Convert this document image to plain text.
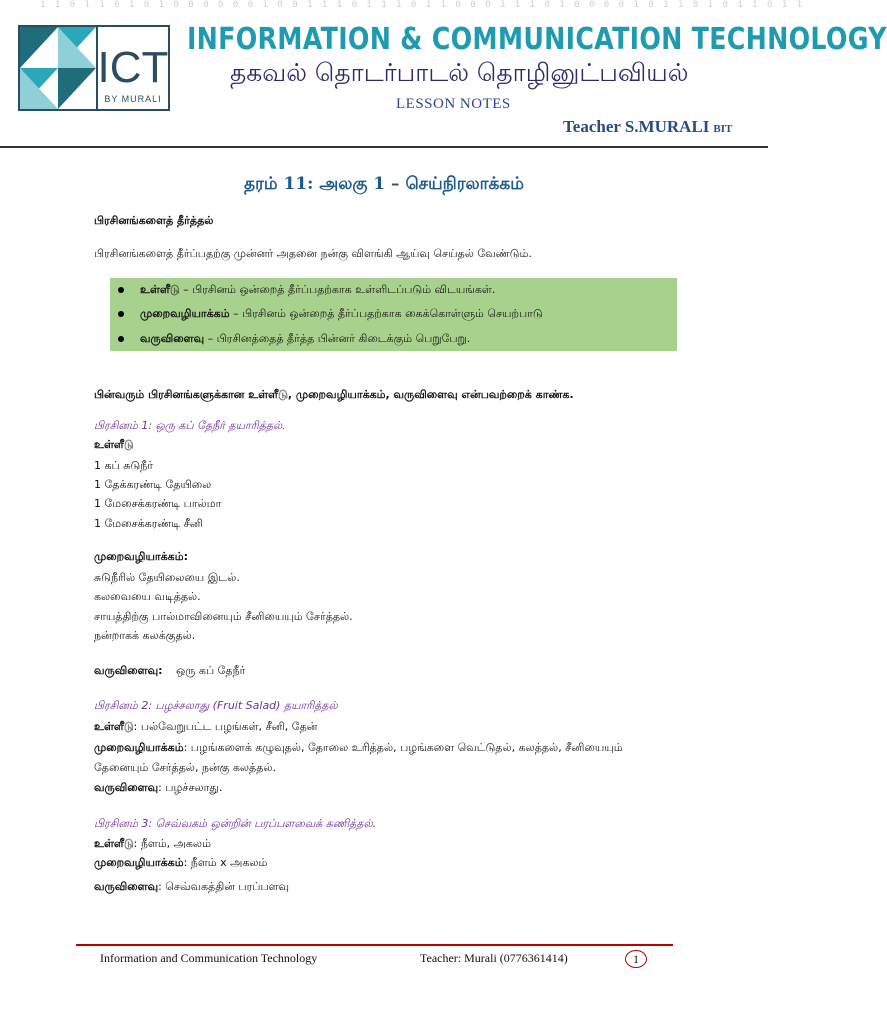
1 1 0 1 1 0 1 0 1 0 0 0 0 0 0 1 0 0 1 1 1 0 1 1 1 0 1 1 0 0 0 1 1 1 0 1 0 0 0 0 1 0 1 1 0 1 0 1 1 0 1 1
ICT
BY MURALI
INFORMATION & COMMUNICATION TECHNOLOGY
தகவல் தொடர்பாடல் தொழினுட்பவியல்
LESSON NOTES
Teacher S.MURALI BIT
தரம் 11: அலகு 1 – செய்நிரலாக்கம்
பிரசினங்களைத் தீர்த்தல்
பிரசினங்களைத் தீர்ப்பதற்கு முன்னர் அதனை நன்கு விளங்கி ஆய்வு செய்தல் வேண்டும்.
உள்ளீடு – பிரசினம் ஒன்றைத் தீர்ப்பதற்காக உள்ளிடப்படும் விடயங்கள்.
முறைவழியாக்கம் – பிரசினம் ஒன்றைத் தீர்ப்பதற்காக கைக்கொள்ளும் செயற்பாடு
வருவிளைவு – பிரசினத்தைத் தீர்த்த பின்னர் கிடைக்கும் பெறுபேறு.
பின்வரும் பிரசினங்களுக்கான உள்ளீடு, முறைவழியாக்கம், வருவிளைவு என்பவற்றைக் காண்க.
பிரசினம் 1: ஒரு கப் தேநீர் தயாரித்தல்.
உள்ளீடு
1 கப் சுடுநீர்
1 தேக்கரண்டி தேயிலை
1 மேசைக்கரண்டி பால்மா
1 மேசைக்கரண்டி சீனி
முறைவழியாக்கம்:
சுடுநீரில் தேயிலையை இடல்.
கலவையை வடித்தல்.
சாயத்திற்கு பால்மாவினையும் சீனியையும் சேர்த்தல்.
நன்றாகக் கலக்குதல்.
வருவிளைவு: ஒரு கப் தேநீர்
பிரசினம் 2: பழச்சலாது (Fruit Salad) தயாரித்தல்
உள்ளீடு: பல்வேறுபட்ட பழங்கள், சீனி, தேன்
முறைவழியாக்கம்: பழங்களைக் கழுவுதல், தோலை உரித்தல், பழங்களை வெட்டுதல், கலத்தல், சீனியையும்
தேனையும் சேர்த்தல், நன்கு கலத்தல்.
வருவிளைவு: பழச்சலாது.
பிரசினம் 3: செவ்வகம் ஒன்றின் பரப்பளவைக் கணித்தல்.
உள்ளீடு: நீளம், அகலம்
முறைவழியாக்கம்: நீளம் x அகலம்
வருவிளைவு: செவ்வகத்தின் பரப்பளவு
Information and Communication Technology	Teacher: Murali (0776361414)	1
